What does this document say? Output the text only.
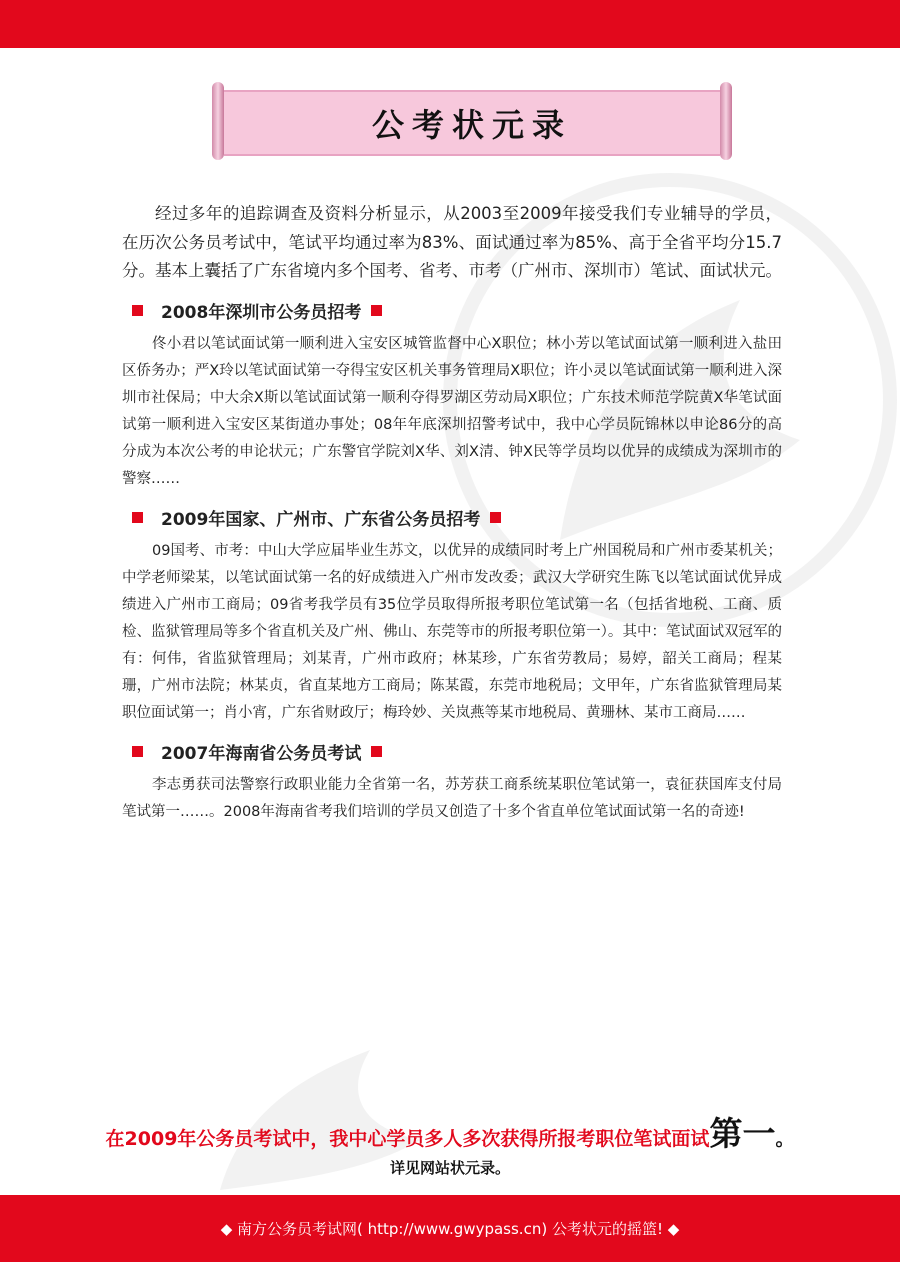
公考状元录

经过多年的追踪调查及资料分析显示，从2003至2009年接受我们专业辅导的学员，在历次公务员考试中，笔试平均通过率为83%、面试通过率为85%、高于全省平均分15.7分。基本上囊括了广东省境内多个国考、省考、市考（广州市、深圳市）笔试、面试状元。

2008年深圳市公务员招考

佟小君以笔试面试第一顺利进入宝安区城管监督中心X职位；林小芳以笔试面试第一顺利进入盐田区侨务办；严X玲以笔试面试第一夺得宝安区机关事务管理局X职位；许小灵以笔试面试第一顺利进入深圳市社保局；中大余X斯以笔试面试第一顺利夺得罗湖区劳动局X职位；广东技术师范学院黄X华笔试面试第一顺利进入宝安区某街道办事处；08年年底深圳招警考试中，我中心学员阮锦林以申论86分的高分成为本次公考的申论状元；广东警官学院刘X华、刘X清、钟X民等学员均以优异的成绩成为深圳市的警察……

2009年国家、广州市、广东省公务员招考

09国考、市考：中山大学应届毕业生苏文，以优异的成绩同时考上广州国税局和广州市委某机关；中学老师梁某，以笔试面试第一名的好成绩进入广州市发改委；武汉大学研究生陈飞以笔试面试优异成绩进入广州市工商局；09省考我学员有35位学员取得所报考职位笔试第一名（包括省地税、工商、质检、监狱管理局等多个省直机关及广州、佛山、东莞等市的所报考职位第一）。其中：笔试面试双冠军的有：何伟，省监狱管理局；刘某青，广州市政府；林某珍，广东省劳教局；易婷，韶关工商局；程某珊，广州市法院；林某贞，省直某地方工商局；陈某霞，东莞市地税局；文甲年，广东省监狱管理局某职位面试第一；肖小宵，广东省财政厅；梅玲妙、关岚燕等某市地税局、黄珊林、某市工商局……

2007年海南省公务员考试

李志勇获司法警察行政职业能力全省第一名，苏芳获工商系统某职位笔试第一，袁征获国库支付局笔试第一……。2008年海南省考我们培训的学员又创造了十多个省直单位笔试面试第一名的奇迹!

在2009年公务员考试中，我中心学员多人多次获得所报考职位笔试面试第一。
详见网站状元录。
◆ 南方公务员考试网( http://www.gwypass.cn) 公考状元的摇篮! ◆
